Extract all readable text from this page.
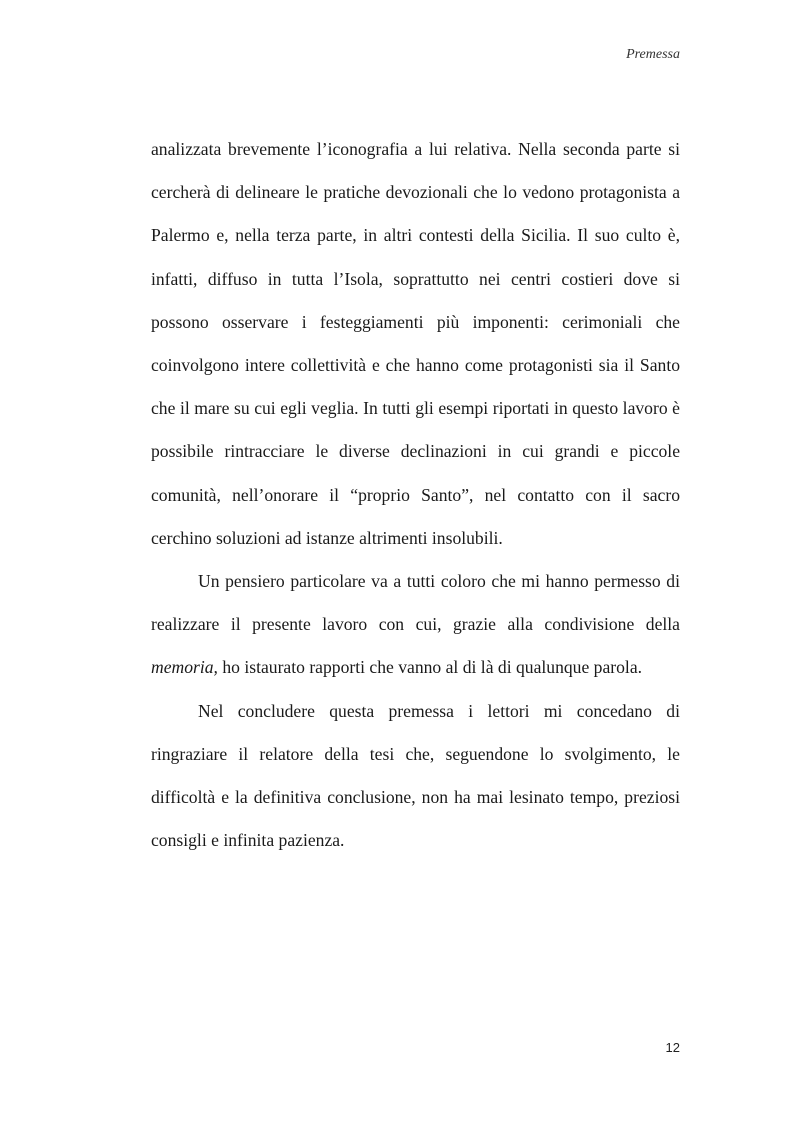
Premessa

analizzata brevemente l’iconografia a lui relativa. Nella seconda parte si cercherà di delineare le pratiche devozionali che lo vedono protagonista a Palermo e, nella terza parte, in altri contesti della Sicilia. Il suo culto è, infatti, diffuso in tutta l’Isola, soprattutto nei centri costieri dove si possono osservare i festeggiamenti più imponenti: cerimoniali che coinvolgono intere collettività e che hanno come protagonisti sia il Santo che il mare su cui egli veglia. In tutti gli esempi riportati in questo lavoro è possibile rintracciare le diverse declinazioni in cui grandi e piccole comunità, nell’onorare il “proprio Santo”, nel contatto con il sacro cerchino soluzioni ad istanze altrimenti insolubili.

Un pensiero particolare va a tutti coloro che mi hanno permesso di realizzare il presente lavoro con cui, grazie alla condivisione della memoria, ho istaurato rapporti che vanno al di là di qualunque parola.

Nel concludere questa premessa i lettori mi concedano di ringraziare il relatore della tesi che, seguendone lo svolgimento, le difficoltà e la definitiva conclusione, non ha mai lesinato tempo, preziosi consigli e infinita pazienza.

12
